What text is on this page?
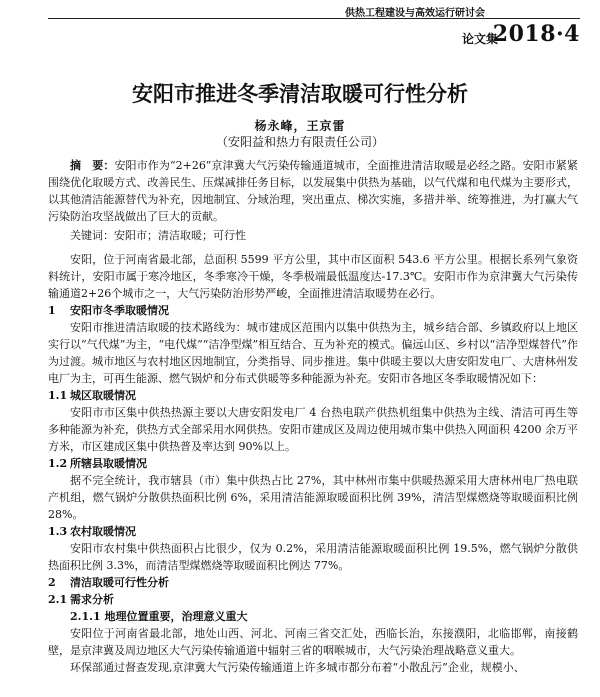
供热工程建设与高效运行研讨会
论文集
2018·4
安阳市推进冬季清洁取暖可行性分析
杨永峰，王京雷
（安阳益和热力有限责任公司）

摘　要：安阳市作为“2+26”京津冀大气污染传输通道城市，全面推进清洁取暖是必经之路。安阳市紧紧围绕优化取暖方式、改善民生、压煤减排任务目标，以发展集中供热为基础，以气代煤和电代煤为主要形式，以其他清洁能源替代为补充，因地制宜、分域治理，突出重点、梯次实施，多措并举、统筹推进，为打赢大气污染防治攻坚战做出了巨大的贡献。

关键词：安阳市；清洁取暖；可行性

安阳，位于河南省最北部，总面积 5599 平方公里，其中市区面积 543.6 平方公里。根据长系列气象资料统计，安阳市属于寒冷地区，冬季寒冷干燥，冬季极端最低温度达-17.3℃。安阳市作为京津冀大气污染传输通道2+26个城市之一，大气污染防治形势严峻，全面推进清洁取暖势在必行。

1 安阳市冬季取暖情况

安阳市推进清洁取暖的技术路线为：城市建成区范围内以集中供热为主，城乡结合部、乡镇政府以上地区实行以“气代煤”为主，“电代煤”“洁净型煤”相互结合、互为补充的模式。偏远山区、乡村以“洁净型煤替代”作为过渡。城市地区与农村地区因地制宜，分类指导、同步推进。集中供暖主要以大唐安阳发电厂、大唐林州发电厂为主，可再生能源、燃气锅炉和分布式供暖等多种能源为补充。安阳市各地区冬季取暖情况如下：

1.1 城区取暖情况

安阳市市区集中供热热源主要以大唐安阳发电厂 4 台热电联产供热机组集中供热为主线、清洁可再生等多种能源为补充，供热方式全部采用水网供热。安阳市建成区及周边使用城市集中供热入网面积 4200 余万平方米，市区建成区集中供热普及率达到 90%以上。

1.2 所辖县取暖情况

据不完全统计，我市辖县（市）集中供热占比 27%，其中林州市集中供暖热源采用大唐林州电厂热电联产机组，燃气锅炉分散供热面积比例 6%，采用清洁能源取暖面积比例 39%，清洁型煤燃烧等取暖面积比例 28%。

1.3 农村取暖情况

安阳市农村集中供热面积占比很少，仅为 0.2%，采用清洁能源取暖面积比例 19.5%，燃气锅炉分散供热面积比例 3.3%，而清洁型煤燃烧等取暖面积比例达 77%。

2 清洁取暖可行性分析

2.1 需求分析

2.1.1 地理位置重要，治理意义重大

安阳位于河南省最北部，地处山西、河北、河南三省交汇处，西临长治，东接濮阳，北临邯郸，南接鹤壁，是京津冀及周边地区大气污染传输通道中辐射三省的咽喉城市，大气污染治理战略意义重大。

环保部通过督查发现,京津冀大气污染传输通道上许多城市都分布着“小散乱污”企业，规模小、
